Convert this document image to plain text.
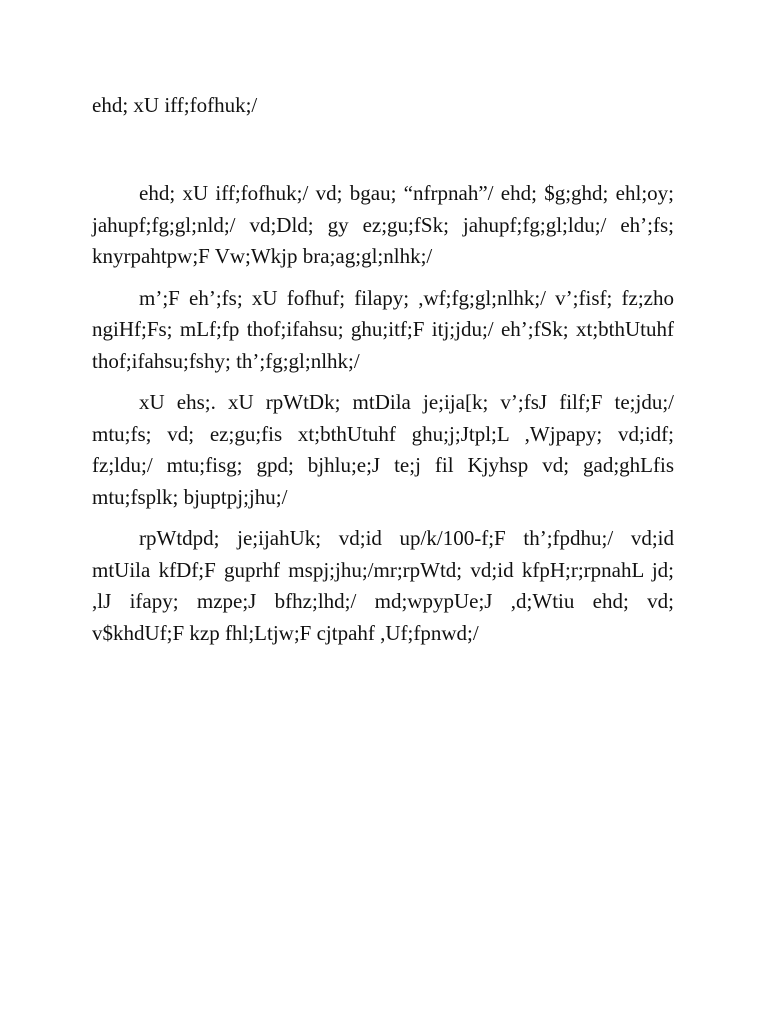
ehd; xU iff;fofhuk;/

ehd; xU iff;fofhuk;/ vd; bgau; “nfrpnah”/ ehd; $g;ghd; ehl;oy; jahupf;fg;gl;nld;/ vd;Dld; gy ez;gu;fSk; jahupf;fg;gl;ldu;/ eh’;fs; knyrpahtpw;F Vw;Wkjp bra;ag;gl;nlhk;/

m’;F eh’;fs; xU fofhuf; filapy; ,wf;fg;gl;nlhk;/ v’;fisf; fz;zho ngiHf;Fs; mLf;fp thof;ifahsu; ghu;itf;F itj;jdu;/ eh’;fSk; xt;bthUtuhf thof;ifahsu;fshy; th’;fg;gl;nlhk;/

xU ehs;. xU rpWtDk; mtDila je;ija[k; v’;fsJ filf;F te;jdu;/ mtu;fs; vd; ez;gu;fis xt;bthUtuhf ghu;j;Jtpl;L ,Wjpapy; vd;idf; fz;ldu;/ mtu;fisg; gpd; bjhlu;e;J te;j fil Kjyhsp vd; gad;ghLfis mtu;fsplk; bjuptpj;jhu;/

rpWtdpd; je;ijahUk; vd;id up/k/100-f;F th’;fpdhu;/ vd;id mtUila kfDf;F guprhf mspj;jhu;/mr;rpWtd; vd;id kfpH;r;rpnahL jd; ,lJ ifapy; mzpe;J bfhz;lhd;/ md;wpypUe;J ,d;Wtiu ehd; vd; v$khdUf;F kzp fhl;Ltjw;F cjtpahf ,Uf;fpnwd;/
